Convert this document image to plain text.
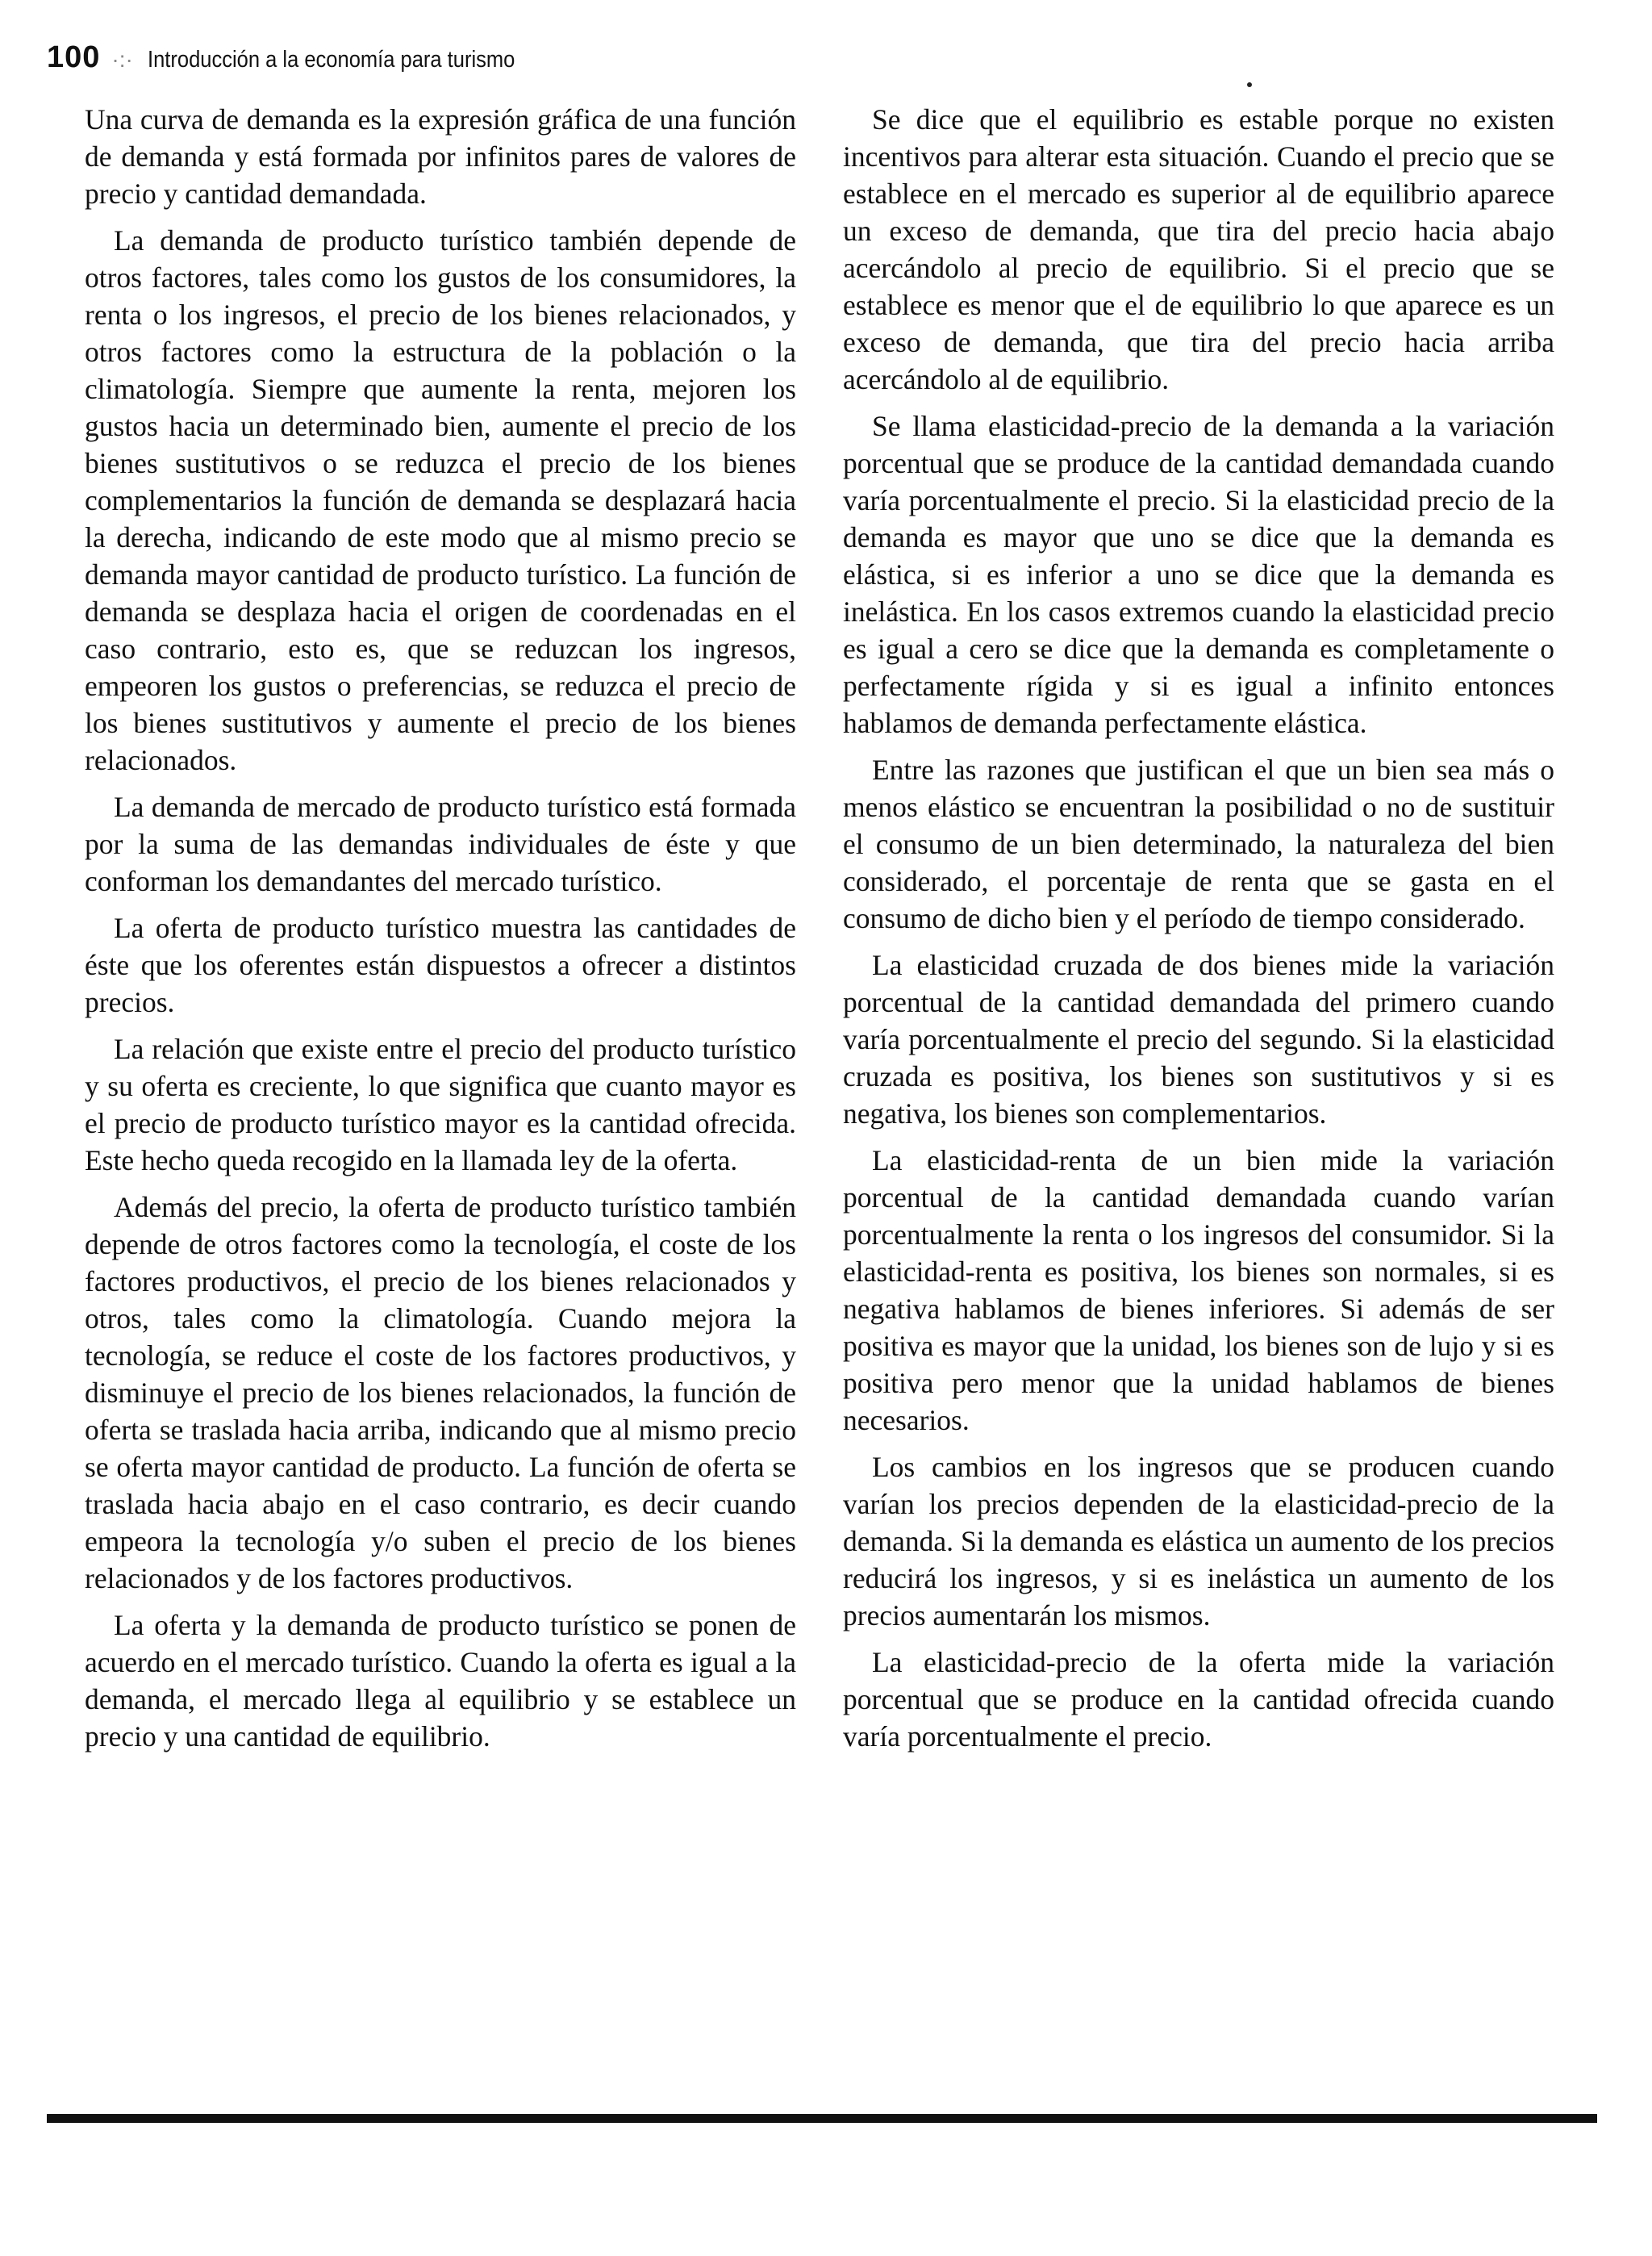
100 ·:· Introducción a la economía para turismo

Una curva de demanda es la expresión gráfica de una función de demanda y está formada por infinitos pares de valores de precio y cantidad demandada.

La demanda de producto turístico también depende de otros factores, tales como los gustos de los consumidores, la renta o los ingresos, el precio de los bienes relacionados, y otros factores como la estructura de la población o la climatología. Siempre que aumente la renta, mejoren los gustos hacia un determinado bien, aumente el precio de los bienes sustitutivos o se reduzca el precio de los bienes complementarios la función de demanda se desplazará hacia la derecha, indicando de este modo que al mismo precio se demanda mayor cantidad de producto turístico. La función de demanda se desplaza hacia el origen de coordenadas en el caso contrario, esto es, que se reduzcan los ingresos, empeoren los gustos o preferencias, se reduzca el precio de los bienes sustitutivos y aumente el precio de los bienes relacionados.

La demanda de mercado de producto turístico está formada por la suma de las demandas individuales de éste y que conforman los demandantes del mercado turístico.

La oferta de producto turístico muestra las cantidades de éste que los oferentes están dispuestos a ofrecer a distintos precios.

La relación que existe entre el precio del producto turístico y su oferta es creciente, lo que significa que cuanto mayor es el precio de producto turístico mayor es la cantidad ofrecida. Este hecho queda recogido en la llamada ley de la oferta.

Además del precio, la oferta de producto turístico también depende de otros factores como la tecnología, el coste de los factores productivos, el precio de los bienes relacionados y otros, tales como la climatología. Cuando mejora la tecnología, se reduce el coste de los factores productivos, y disminuye el precio de los bienes relacionados, la función de oferta se traslada hacia arriba, indicando que al mismo precio se oferta mayor cantidad de producto. La función de oferta se traslada hacia abajo en el caso contrario, es decir cuando empeora la tecnología y/o suben el precio de los bienes relacionados y de los factores productivos.

La oferta y la demanda de producto turístico se ponen de acuerdo en el mercado turístico. Cuando la oferta es igual a la demanda, el mercado llega al equilibrio y se establece un precio y una cantidad de equilibrio.

Se dice que el equilibrio es estable porque no existen incentivos para alterar esta situación. Cuando el precio que se establece en el mercado es superior al de equilibrio aparece un exceso de demanda, que tira del precio hacia abajo acercándolo al precio de equilibrio. Si el precio que se establece es menor que el de equilibrio lo que aparece es un exceso de demanda, que tira del precio hacia arriba acercándolo al de equilibrio.

Se llama elasticidad-precio de la demanda a la variación porcentual que se produce de la cantidad demandada cuando varía porcentualmente el precio. Si la elasticidad precio de la demanda es mayor que uno se dice que la demanda es elástica, si es inferior a uno se dice que la demanda es inelástica. En los casos extremos cuando la elasticidad precio es igual a cero se dice que la demanda es completamente o perfectamente rígida y si es igual a infinito entonces hablamos de demanda perfectamente elástica.

Entre las razones que justifican el que un bien sea más o menos elástico se encuentran la posibilidad o no de sustituir el consumo de un bien determinado, la naturaleza del bien considerado, el porcentaje de renta que se gasta en el consumo de dicho bien y el período de tiempo considerado.

La elasticidad cruzada de dos bienes mide la variación porcentual de la cantidad demandada del primero cuando varía porcentualmente el precio del segundo. Si la elasticidad cruzada es positiva, los bienes son sustitutivos y si es negativa, los bienes son complementarios.

La elasticidad-renta de un bien mide la variación porcentual de la cantidad demandada cuando varían porcentualmente la renta o los ingresos del consumidor. Si la elasticidad-renta es positiva, los bienes son normales, si es negativa hablamos de bienes inferiores. Si además de ser positiva es mayor que la unidad, los bienes son de lujo y si es positiva pero menor que la unidad hablamos de bienes necesarios.

Los cambios en los ingresos que se producen cuando varían los precios dependen de la elasticidad-precio de la demanda. Si la demanda es elástica un aumento de los precios reducirá los ingresos, y si es inelástica un aumento de los precios aumentarán los mismos.

La elasticidad-precio de la oferta mide la variación porcentual que se produce en la cantidad ofrecida cuando varía porcentualmente el precio.
